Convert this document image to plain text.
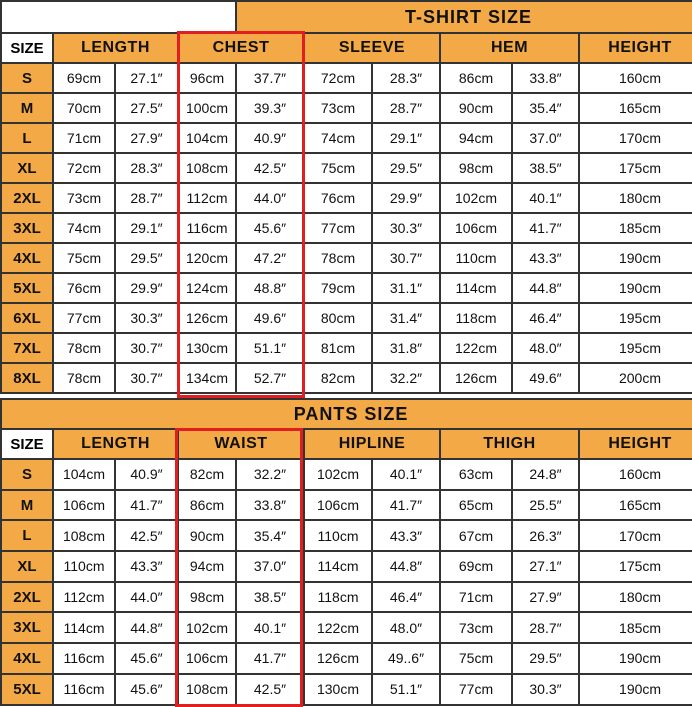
				T-SHIRT SIZE					
SIZE	LENGTH		CHEST		SLEEVE		HEM		HEIGHT
S	69cm	27.1″	96cm	37.7″	72cm	28.3″	86cm	33.8″	160cm
M	70cm	27.5″	100cm	39.3″	73cm	28.7″	90cm	35.4″	165cm
L	71cm	27.9″	104cm	40.9″	74cm	29.1″	94cm	37.0″	170cm
XL	72cm	28.3″	108cm	42.5″	75cm	29.5″	98cm	38.5″	175cm
2XL	73cm	28.7″	112cm	44.0″	76cm	29.9″	102cm	40.1″	180cm
3XL	74cm	29.1″	116cm	45.6″	77cm	30.3″	106cm	41.7″	185cm
4XL	75cm	29.5″	120cm	47.2″	78cm	30.7″	110cm	43.3″	190cm
5XL	76cm	29.9″	124cm	48.8″	79cm	31.1″	114cm	44.8″	190cm
6XL	77cm	30.3″	126cm	49.6″	80cm	31.4″	118cm	46.4″	195cm
7XL	78cm	30.7″	130cm	51.1″	81cm	31.8″	122cm	48.0″	195cm
8XL	78cm	30.7″	134cm	52.7″	82cm	32.2″	126cm	49.6″	200cm
PANTS SIZE									
SIZE	LENGTH		WAIST		HIPLINE		THIGH		HEIGHT
S	104cm	40.9″	82cm	32.2″	102cm	40.1″	63cm	24.8″	160cm
M	106cm	41.7″	86cm	33.8″	106cm	41.7″	65cm	25.5″	165cm
L	108cm	42.5″	90cm	35.4″	110cm	43.3″	67cm	26.3″	170cm
XL	110cm	43.3″	94cm	37.0″	114cm	44.8″	69cm	27.1″	175cm
2XL	112cm	44.0″	98cm	38.5″	118cm	46.4″	71cm	27.9″	180cm
3XL	114cm	44.8″	102cm	40.1″	122cm	48.0″	73cm	28.7″	185cm
4XL	116cm	45.6″	106cm	41.7″	126cm	49..6″	75cm	29.5″	190cm
5XL	116cm	45.6″	108cm	42.5″	130cm	51.1″	77cm	30.3″	190cm
